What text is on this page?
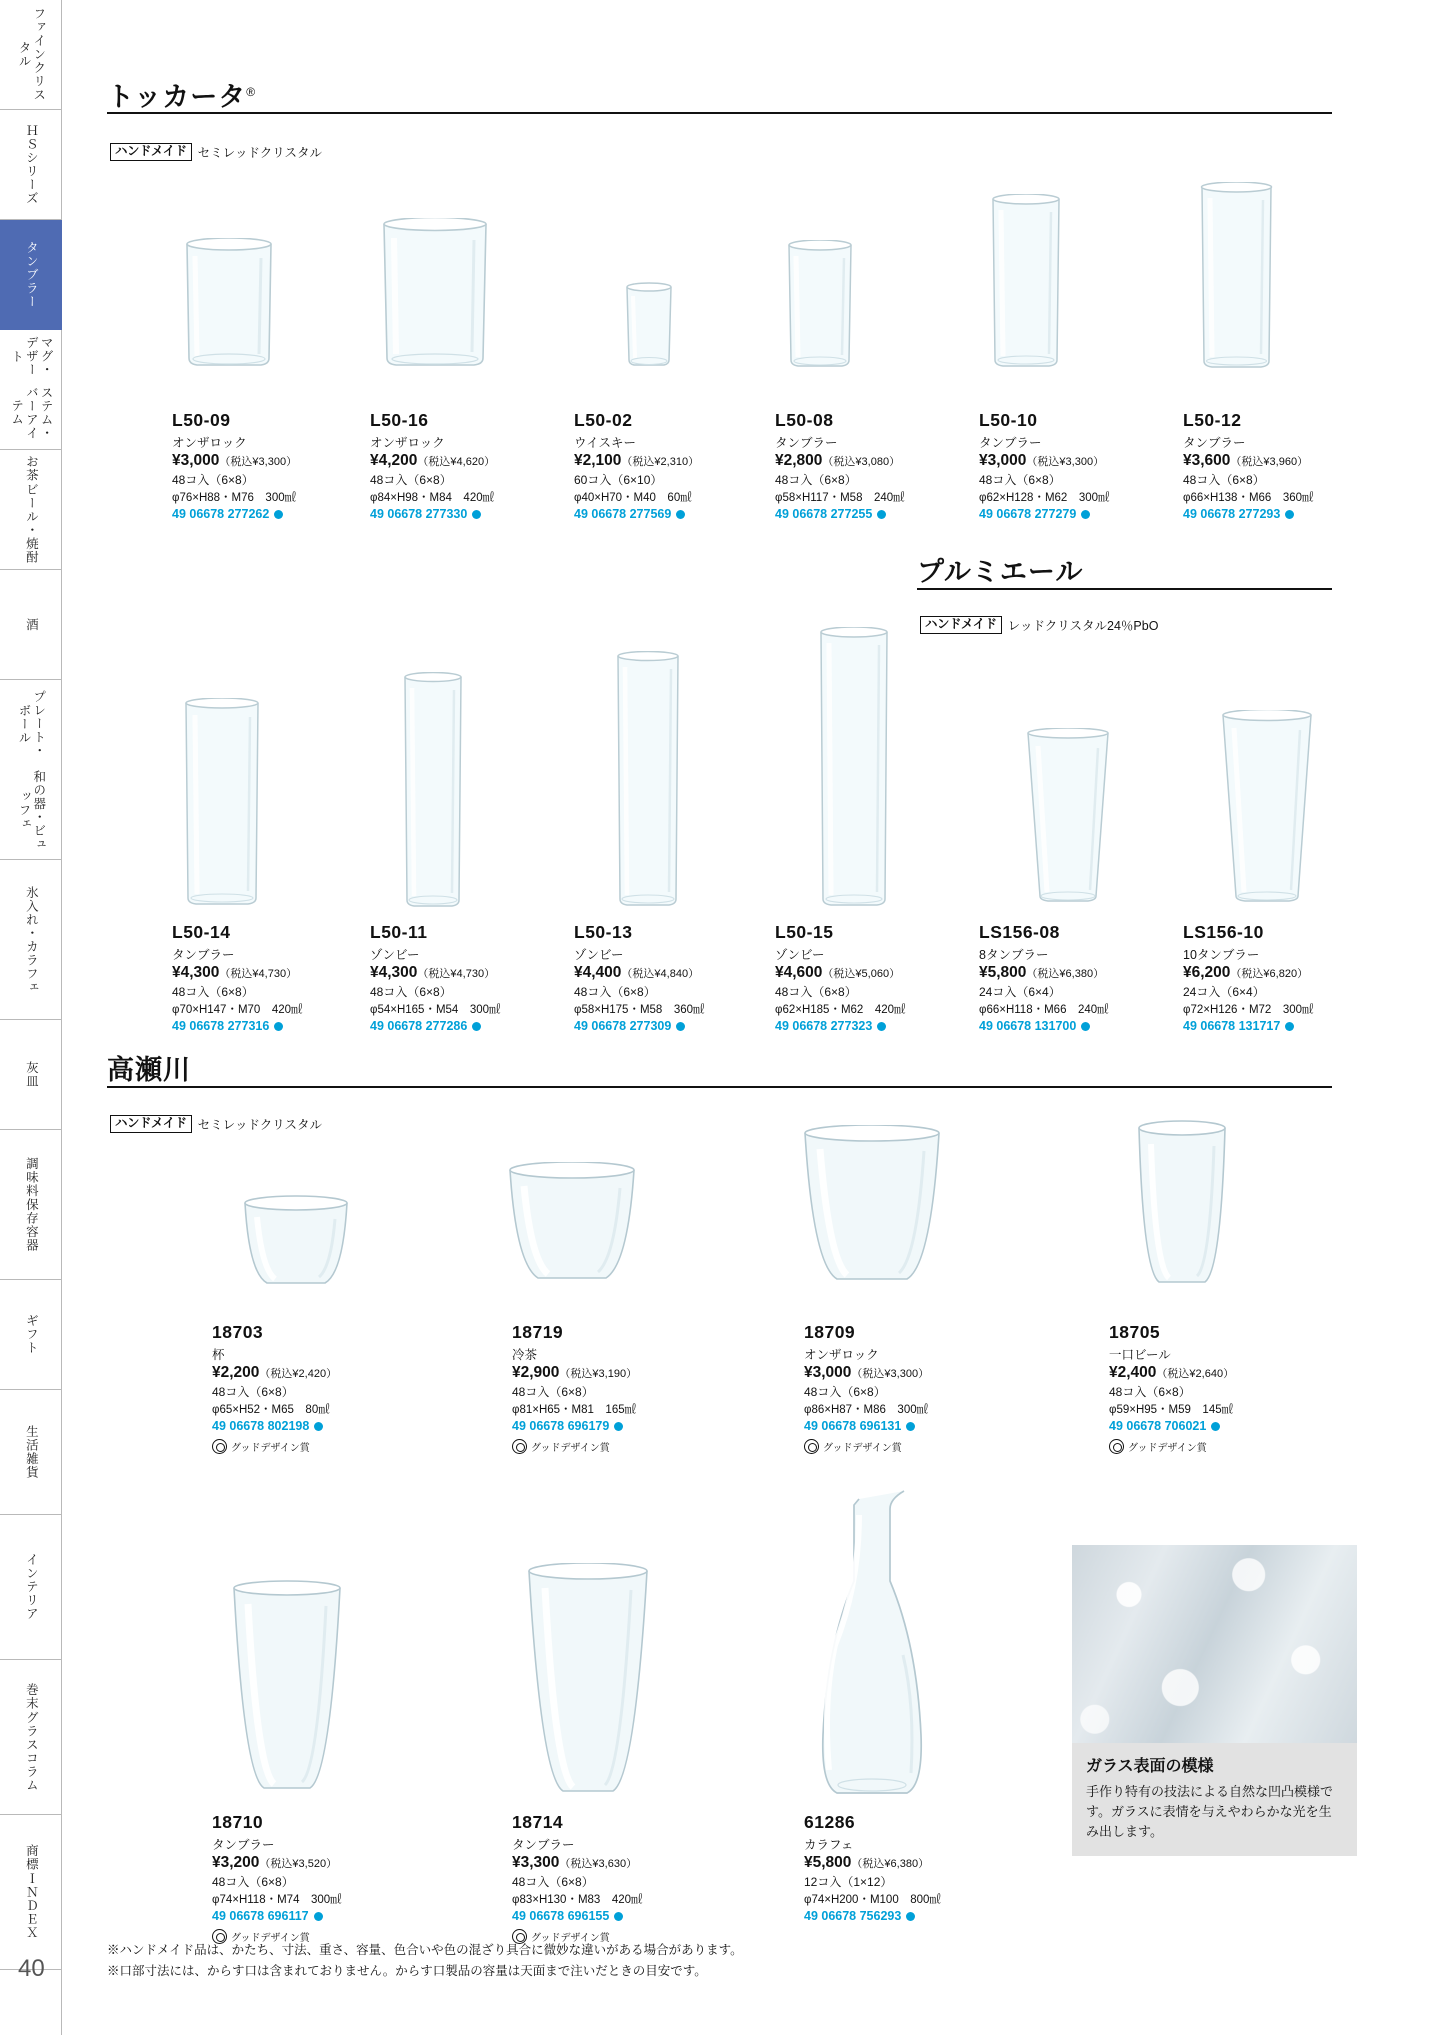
ファインクリスタル
ＨＳシリーズ
タンブラー
ステム・バーアイテム
マグ・デザート
ビール・焼酎
お茶
酒
和の器・ビュッフェ
プレート・ボール
氷入れ・カラフェ
灰皿
保存容器
調味料
ギフト
生活雑貨
インテリア
グラスコラム
巻末
ＩＮＤＥＸ
商標
トッカータ®
ハンドメイド セミレッドクリスタル
L50-09
オンザロック
¥3,000（税込¥3,300）
48コ入（6×8）
φ76×H88・M76　300㎖
49 06678 277262
L50-16
オンザロック
¥4,200（税込¥4,620）
48コ入（6×8）
φ84×H98・M84　420㎖
49 06678 277330
L50-02
ウイスキー
¥2,100（税込¥2,310）
60コ入（6×10）
φ40×H70・M40　60㎖
49 06678 277569
L50-08
タンブラー
¥2,800（税込¥3,080）
48コ入（6×8）
φ58×H117・M58　240㎖
49 06678 277255
L50-10
タンブラー
¥3,000（税込¥3,300）
48コ入（6×8）
φ62×H128・M62　300㎖
49 06678 277279
L50-12
タンブラー
¥3,600（税込¥3,960）
48コ入（6×8）
φ66×H138・M66　360㎖
49 06678 277293
プルミエール
ハンドメイド レッドクリスタル24％PbO
L50-14
タンブラー
¥4,300（税込¥4,730）
48コ入（6×8）
φ70×H147・M70　420㎖
49 06678 277316
L50-11
ゾンビー
¥4,300（税込¥4,730）
48コ入（6×8）
φ54×H165・M54　300㎖
49 06678 277286
L50-13
ゾンビー
¥4,400（税込¥4,840）
48コ入（6×8）
φ58×H175・M58　360㎖
49 06678 277309
L50-15
ゾンビー
¥4,600（税込¥5,060）
48コ入（6×8）
φ62×H185・M62　420㎖
49 06678 277323
LS156-08
8タンブラー
¥5,800（税込¥6,380）
24コ入（6×4）
φ66×H118・M66　240㎖
49 06678 131700
LS156-10
10タンブラー
¥6,200（税込¥6,820）
24コ入（6×4）
φ72×H126・M72　300㎖
49 06678 131717
高瀬川
ハンドメイド セミレッドクリスタル
18703
杯
¥2,200（税込¥2,420）
48コ入（6×8）
φ65×H52・M65　80㎖
49 06678 802198
グッドデザイン賞
18719
冷茶
¥2,900（税込¥3,190）
48コ入（6×8）
φ81×H65・M81　165㎖
49 06678 696179
グッドデザイン賞
18709
オンザロック
¥3,000（税込¥3,300）
48コ入（6×8）
φ86×H87・M86　300㎖
49 06678 696131
グッドデザイン賞
18705
一口ビール
¥2,400（税込¥2,640）
48コ入（6×8）
φ59×H95・M59　145㎖
49 06678 706021
グッドデザイン賞
18710
タンブラー
¥3,200（税込¥3,520）
48コ入（6×8）
φ74×H118・M74　300㎖
49 06678 696117
グッドデザイン賞
18714
タンブラー
¥3,300（税込¥3,630）
48コ入（6×8）
φ83×H130・M83　420㎖
49 06678 696155
グッドデザイン賞
61286
カラフェ
¥5,800（税込¥6,380）
12コ入（1×12）
φ74×H200・M100　800㎖
49 06678 756293
ガラス表面の模様
手作り特有の技法による自然な凹凸模様です。ガラスに表情を与えやわらかな光を生み出します。
※ハンドメイド品は、かたち、寸法、重さ、容量、色合いや色の混ざり具合に微妙な違いがある場合があります。
※口部寸法には、からす口は含まれておりません。からす口製品の容量は天面まで注いだときの目安です。
40
